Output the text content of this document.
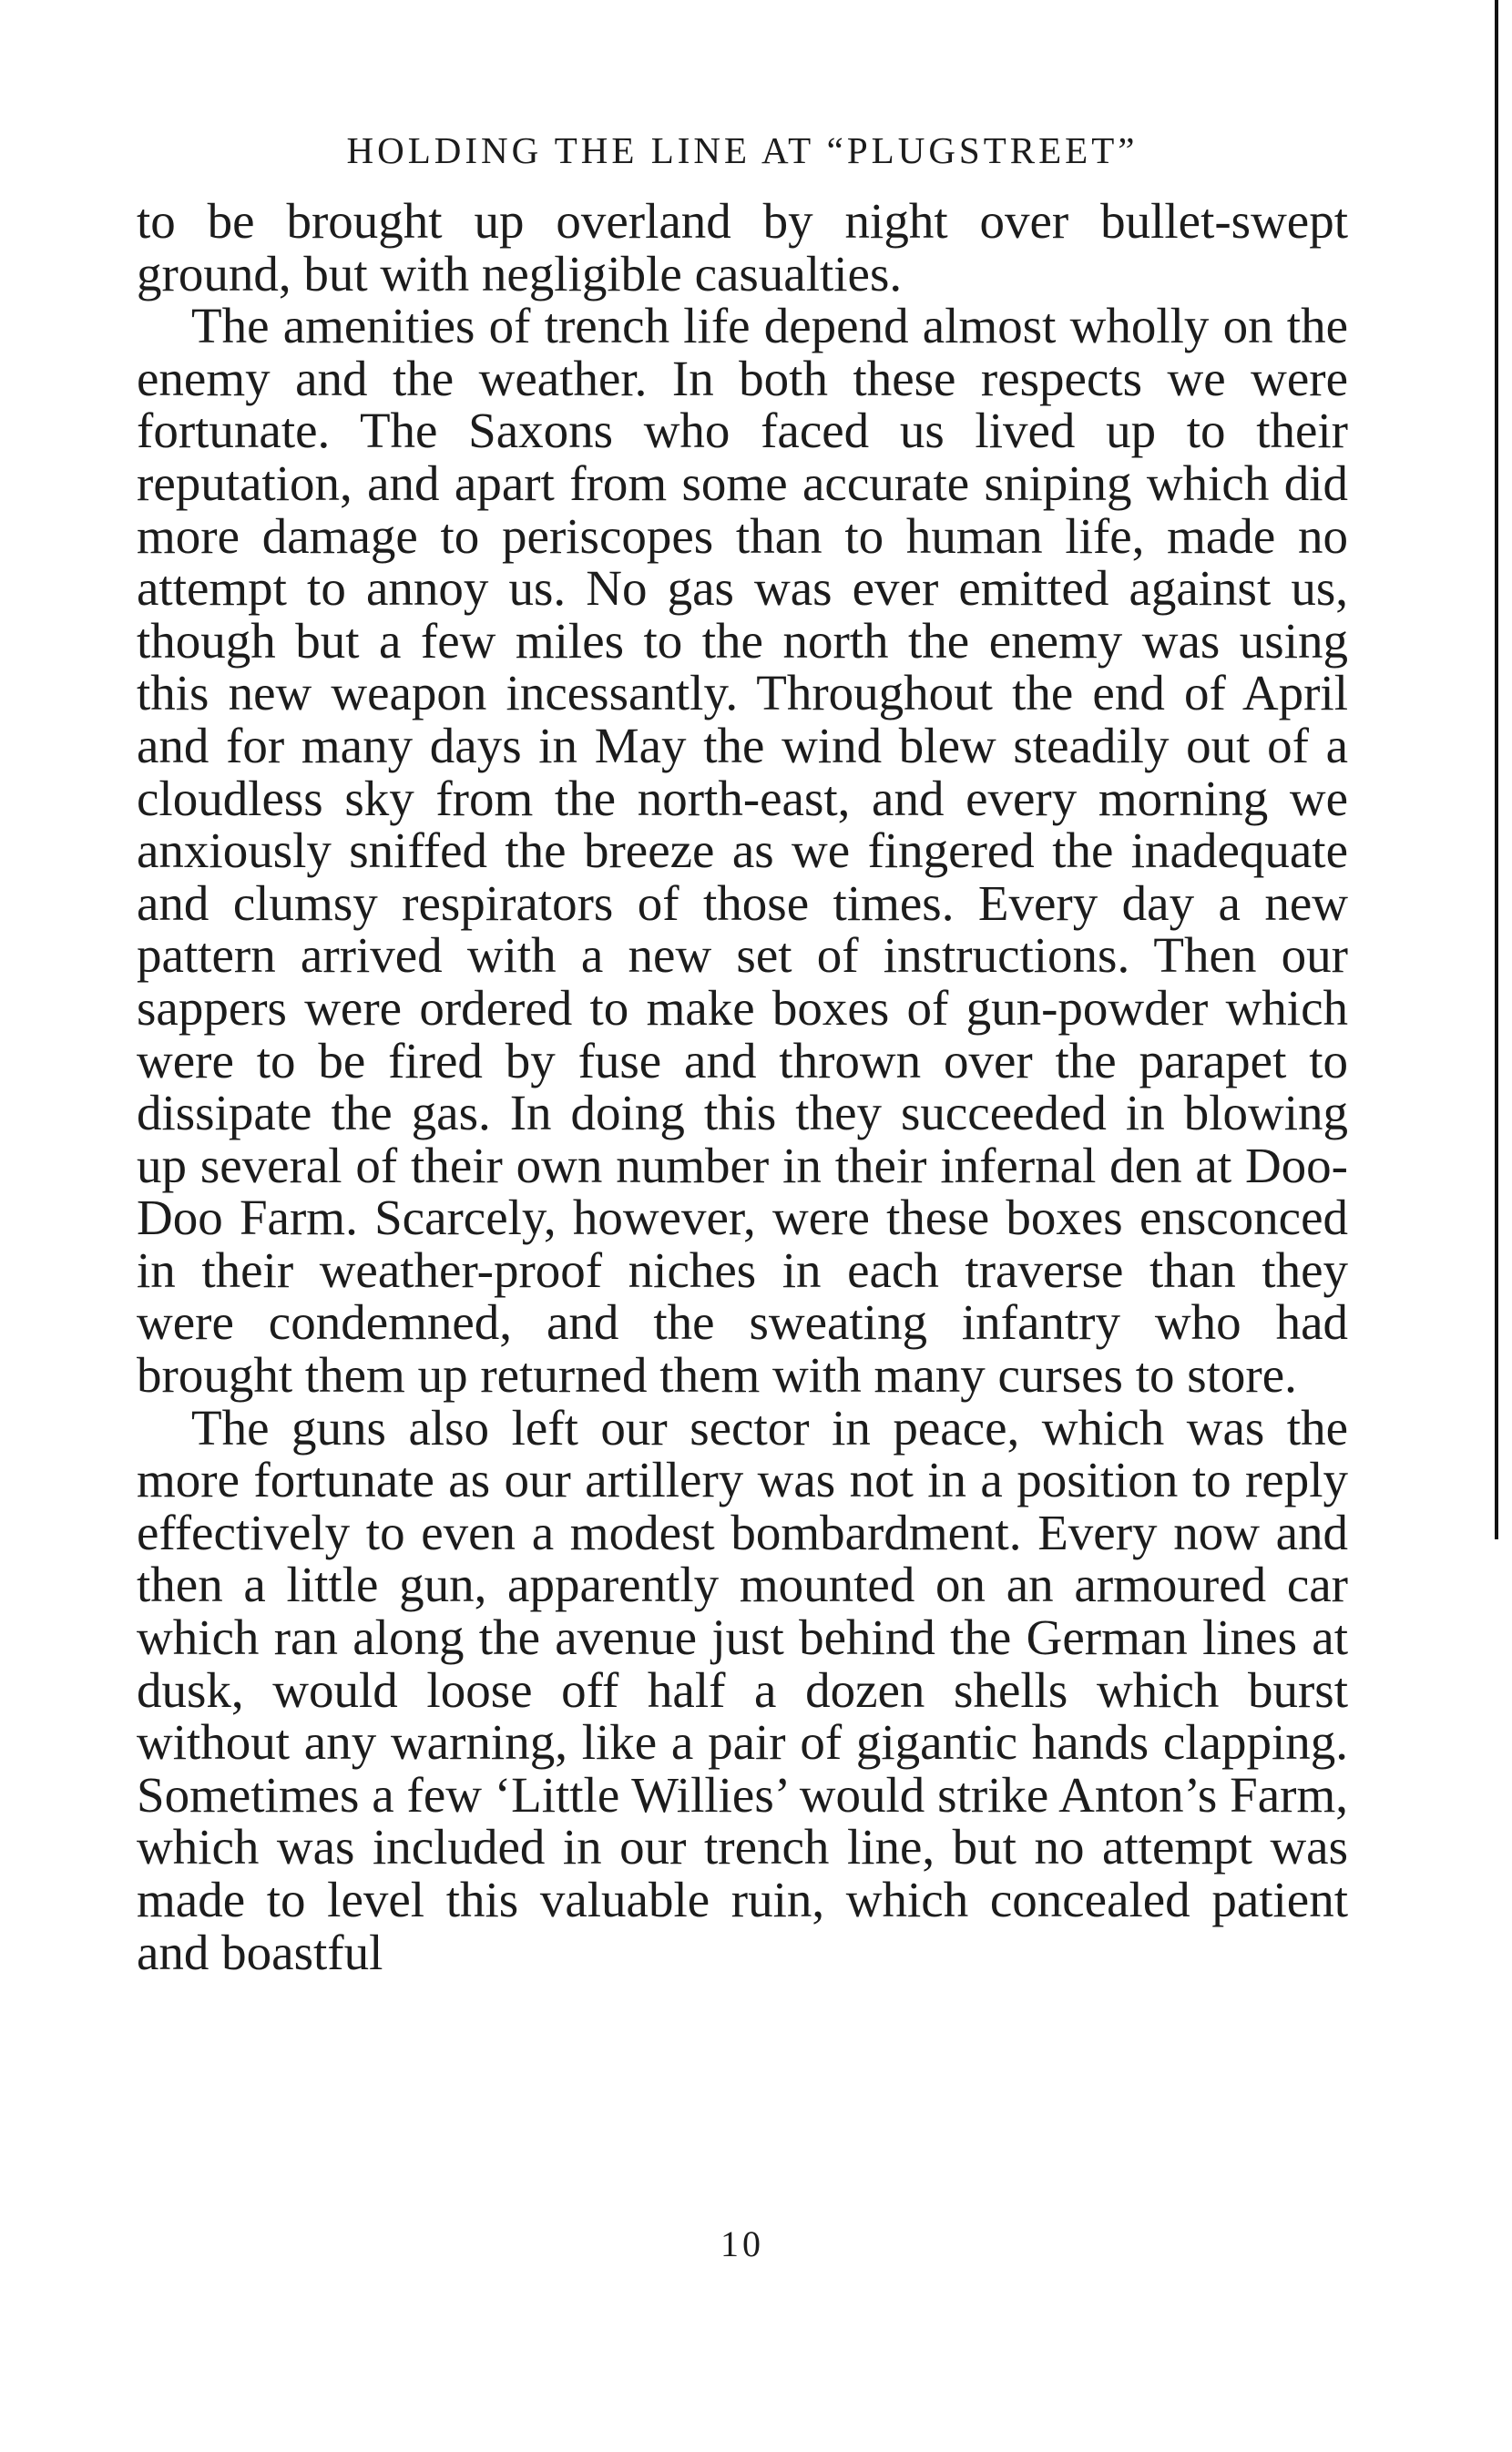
HOLDING THE LINE AT “PLUGSTREET”

to be brought up overland by night over bullet-swept ground, but with negligible casualties.

The amenities of trench life depend almost wholly on the enemy and the weather. In both these respects we were fortunate. The Saxons who faced us lived up to their reputation, and apart from some accurate sniping which did more damage to periscopes than to human life, made no attempt to annoy us. No gas was ever emitted against us, though but a few miles to the north the enemy was using this new weapon incessantly. Throughout the end of April and for many days in May the wind blew steadily out of a cloudless sky from the north-east, and every morning we anxiously sniffed the breeze as we fingered the inadequate and clumsy respirators of those times. Every day a new pattern arrived with a new set of instructions. Then our sappers were ordered to make boxes of gun-powder which were to be fired by fuse and thrown over the parapet to dissipate the gas. In doing this they succeeded in blowing up several of their own number in their infernal den at Doo-Doo Farm. Scarcely, however, were these boxes ensconced in their weather-proof niches in each traverse than they were condemned, and the sweating infantry who had brought them up returned them with many curses to store.

The guns also left our sector in peace, which was the more fortunate as our artillery was not in a position to reply effectively to even a modest bombardment. Every now and then a little gun, apparently mounted on an armoured car which ran along the avenue just behind the German lines at dusk, would loose off half a dozen shells which burst without any warning, like a pair of gigantic hands clapping. Sometimes a few ‘Little Willies’ would strike Anton’s Farm, which was included in our trench line, but no attempt was made to level this valuable ruin, which concealed patient and boastful

10
